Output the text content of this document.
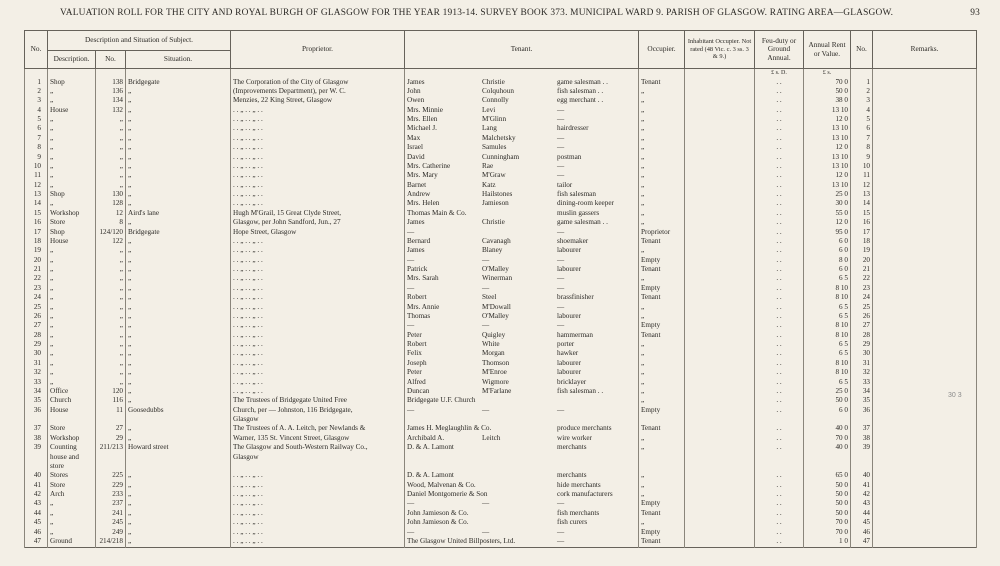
VALUATION ROLL FOR THE CITY AND ROYAL BURGH OF GLASGOW FOR THE YEAR 1913-14. SURVEY BOOK 373. MUNICIPAL WARD 9. PARISH OF GLASGOW. RATING AREA—GLASGOW.	93
No.	Description and Situation of Subject.			Proprietor.	Tenant.	Occupier.	Inhabitant Occupier. Not rated (48 Vic. c. 3 ss. 3 & 9.)	Feu-duty or Ground Annual.	Annual Rent or Value.	No.	Remarks.
	Description.	No.	Situation.								
								£ s. D.	£ s.		
1	Shop	138	Bridgegate	The Corporation of the City of Glasgow	James Christie game salesman . .	Tenant		. .	70 0	1	
2	„	136	„	(Improvements Department), per W. C.	John Colquhoun fish salesman . .	„		. .	50 0	2	
3	„	134	„	Menzies, 22 King Street, Glasgow	Owen Connolly egg merchant . .	„		. .	38 0	3	
4	House	132	„	. . „ . . „ . .	Mrs. Minnie Levi —	„		. .	13 10	4	
5	„	„	„	. . „ . . „ . .	Mrs. Ellen M'Glinn —	„		. .	12 0	5	
6	„	„	„	. . „ . . „ . .	Michael J. Lang hairdresser	„		. .	13 10	6	
7	„	„	„	. . „ . . „ . .	Max Malchetsky —	„		. .	13 10	7	
8	„	„	„	. . „ . . „ . .	Israel Samules —	„		. .	12 0	8	
9	„	„	„	. . „ . . „ . .	David Cunningham postman	„		. .	13 10	9	
10	„	„	„	. . „ . . „ . .	Mrs. Catherine Rae —	„		. .	13 10	10	
11	„	„	„	. . „ . . „ . .	Mrs. Mary M'Graw —	„		. .	12 0	11	
12	„	„	„	. . „ . . „ . .	Barnet Katz tailor	„		. .	13 10	12	
13	Shop	130	„	. . „ . . „ . .	Andrew Hailstones fish salesman	„		. .	25 0	13	
14	„	128	„	. . „ . . „ . .	Mrs. Helen Jamieson dining-room keeper	„		. .	30 0	14	
15	Workshop	12	Aird's lane	Hugh M'Grail, 15 Great Clyde Street,	Thomas Main & Co. muslin gassers	„		. .	55 0	15	
16	Store	8	„	Glasgow, per John Sandford, Jun., 27	James Christie game salesman . .	„		. .	12 0	16	
17	Shop	124/120	Bridgegate	Hope Street, Glasgow	— —	Proprietor		. .	95 0	17	
18	House	122	„	. . „ . . „ . .	Bernard Cavanagh shoemaker	Tenant		. .	6 0	18	
19	„	„	„	. . „ . . „ . .	James Blaney labourer	„		. .	6 0	19	
20	„	„	„	. . „ . . „ . .	— — —	Empty		. .	8 0	20	
21	„	„	„	. . „ . . „ . .	Patrick O'Malley labourer	Tenant		. .	6 0	21	
22	„	„	„	. . „ . . „ . .	Mrs. Sarah Winerman —	„		. .	6 5	22	
23	„	„	„	. . „ . . „ . .	— — —	Empty		. .	8 10	23	
24	„	„	„	. . „ . . „ . .	Robert Steel brassfinisher	Tenant		. .	8 10	24	
25	„	„	„	. . „ . . „ . .	Mrs. Annie M'Dowall —	„		. .	6 5	25	
26	„	„	„	. . „ . . „ . .	Thomas O'Malley labourer	„		. .	6 5	26	
27	„	„	„	. . „ . . „ . .	— — —	Empty		. .	8 10	27	
28	„	„	„	. . „ . . „ . .	Peter Quigley hammerman	Tenant		. .	8 10	28	
29	„	„	„	. . „ . . „ . .	Robert White porter	„		. .	6 5	29	
30	„	„	„	. . „ . . „ . .	Felix Morgan hawker	„		. .	6 5	30	
31	„	„	„	. . „ . . „ . .	Joseph Thomson labourer	„		. .	8 10	31	
32	„	„	„	. . „ . . „ . .	Peter M'Enroe labourer	„		. .	8 10	32	
33	„	„	„	. . „ . . „ . .	Alfred Wigmore bricklayer	„		. .	6 5	33	
34	Office	120	„	. . „ . . „ . .	Duncan M'Farlane fish salesman . .	„		. .	25 0	34	
35	Church	116	„	The Trustees of Bridgegate United Free	Bridgegate U.F. Church	„		. .	50 0	35	
36	House	11	Goosedubbs	Church, per — Johnston, 116 Bridgegate,	— — —	Empty		. .	6 0	36	
				Glasgow							
37	Store	27	„	The Trustees of A. A. Leitch, per Newlands &	James H. Meglaughlin & Co. produce merchants	Tenant		. .	40 0	37	
38	Workshop	29	„	Warner, 135 St. Vincent Street, Glasgow	Archibald A. Leitch wire worker	„		. .	70 0	38	
39	Counting	211/213	Howard street	The Glasgow and South-Western Railway Co.,	D. & A. Lamont merchants	„		. .	40 0	39	
	house and			Glasgow							
	store										
40	Stores	225	„	. . „ . . „ . .	D. & A. Lamont merchants	„		. .	65 0	40	
41	Store	229	„	. . „ . . „ . .	Wood, Malvenan & Co. hide merchants	„		. .	50 0	41	
42	Arch	233	„	. . „ . . „ . .	Daniel Montgomerie & Son cork manufacturers	„		. .	50 0	42	
43	„	237	„	. . „ . . „ . .	— — —	Empty		. .	50 0	43	
44	„	241	„	. . „ . . „ . .	John Jamieson & Co. fish merchants	Tenant		. .	50 0	44	
45	„	245	„	. . „ . . „ . .	John Jamieson & Co. fish curers	„		. .	70 0	45	
46	„	249	„	. . „ . . „ . .	— — —	Empty		. .	70 0	46	
47	Ground	214/218	„	. . „ . . „ . .	The Glasgow United Billposters, Ltd. —	Tenant		. .	1 0	47	
30 3
